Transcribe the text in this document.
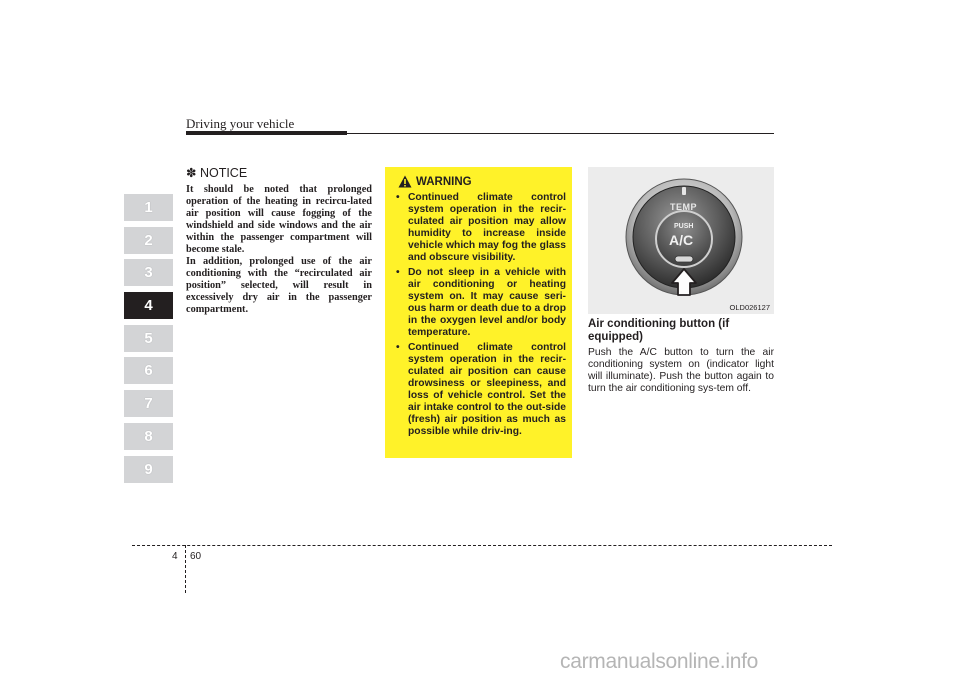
Driving your vehicle
1
2
3
4
5
6
7
8
9

✽ NOTICE

It should be noted that prolonged operation of the heating in recircu-lated air position will cause fogging of the windshield and side windows and the air within the passenger compartment will become stale.
In addition, prolonged use of the air conditioning with the “recirculated air position” selected, will result in excessively dry air in the passenger compartment.

WARNING
• Continued climate control system operation in the recir-culated air position may allow humidity to increase inside vehicle which may fog the glass and obscure visibility.
• Do not sleep in a vehicle with air conditioning or heating system on. It may cause seri-ous harm or death due to a drop in the oxygen level and/or body temperature.
• Continued climate control system operation in the recir-culated air position can cause drowsiness or sleepiness, and loss of vehicle control. Set the air intake control to the out-side (fresh) air position as much as possible while driv-ing.
TEMP
PUSH
A/C
OLD026127
Air conditioning button (if equipped)
Push the A/C button to turn the air conditioning system on (indicator light will illuminate). Push the button again to turn the air conditioning sys-tem off.
4 60
carmanualsonline.info
